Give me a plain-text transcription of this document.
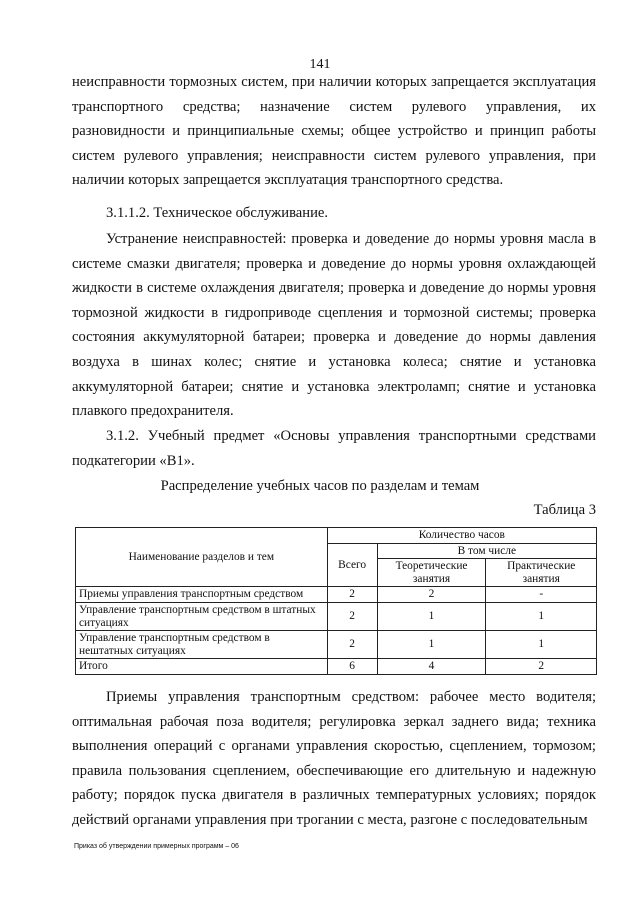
141

неисправности тормозных систем, при наличии которых запрещается эксплуатация транспортного средства; назначение систем рулевого управления, их разновидности и принципиальные схемы; общее устройство и принцип работы систем рулевого управления; неисправности систем рулевого управления, при наличии которых запрещается эксплуатация транспортного средства.

3.1.1.2. Техническое обслуживание.

Устранение неисправностей: проверка и доведение до нормы уровня масла в системе смазки двигателя; проверка и доведение до нормы уровня охлаждающей жидкости в системе охлаждения двигателя; проверка и доведение до нормы уровня тормозной жидкости в гидроприводе сцепления и тормозной системы; проверка состояния аккумуляторной батареи; проверка и доведение до нормы давления воздуха в шинах колес; снятие и установка колеса; снятие и установка аккумуляторной батареи; снятие и установка электроламп; снятие и установка плавкого предохранителя.

3.1.2. Учебный предмет «Основы управления транспортными средствами подкатегории «В1».

Распределение учебных часов по разделам и темам
Таблица 3
Наименование разделов и тем	Количество часов		
	Всего	В том числе	
		Теоретические занятия	Практические занятия
Приемы управления транспортным средством	2	2	-
Управление транспортным средством в штатных ситуациях	2	1	1
Управление транспортным средством в нештатных ситуациях	2	1	1
Итого	6	4	2

Приемы управления транспортным средством: рабочее место водителя; оптимальная рабочая поза водителя; регулировка зеркал заднего вида; техника выполнения операций с органами управления скоростью, сцеплением, тормозом; правила пользования сцеплением, обеспечивающие его длительную и надежную работу; порядок пуска двигателя в различных температурных условиях; порядок действий органами управления при трогании с места, разгоне с последовательным

Приказ об утверждении примерных программ – 06
